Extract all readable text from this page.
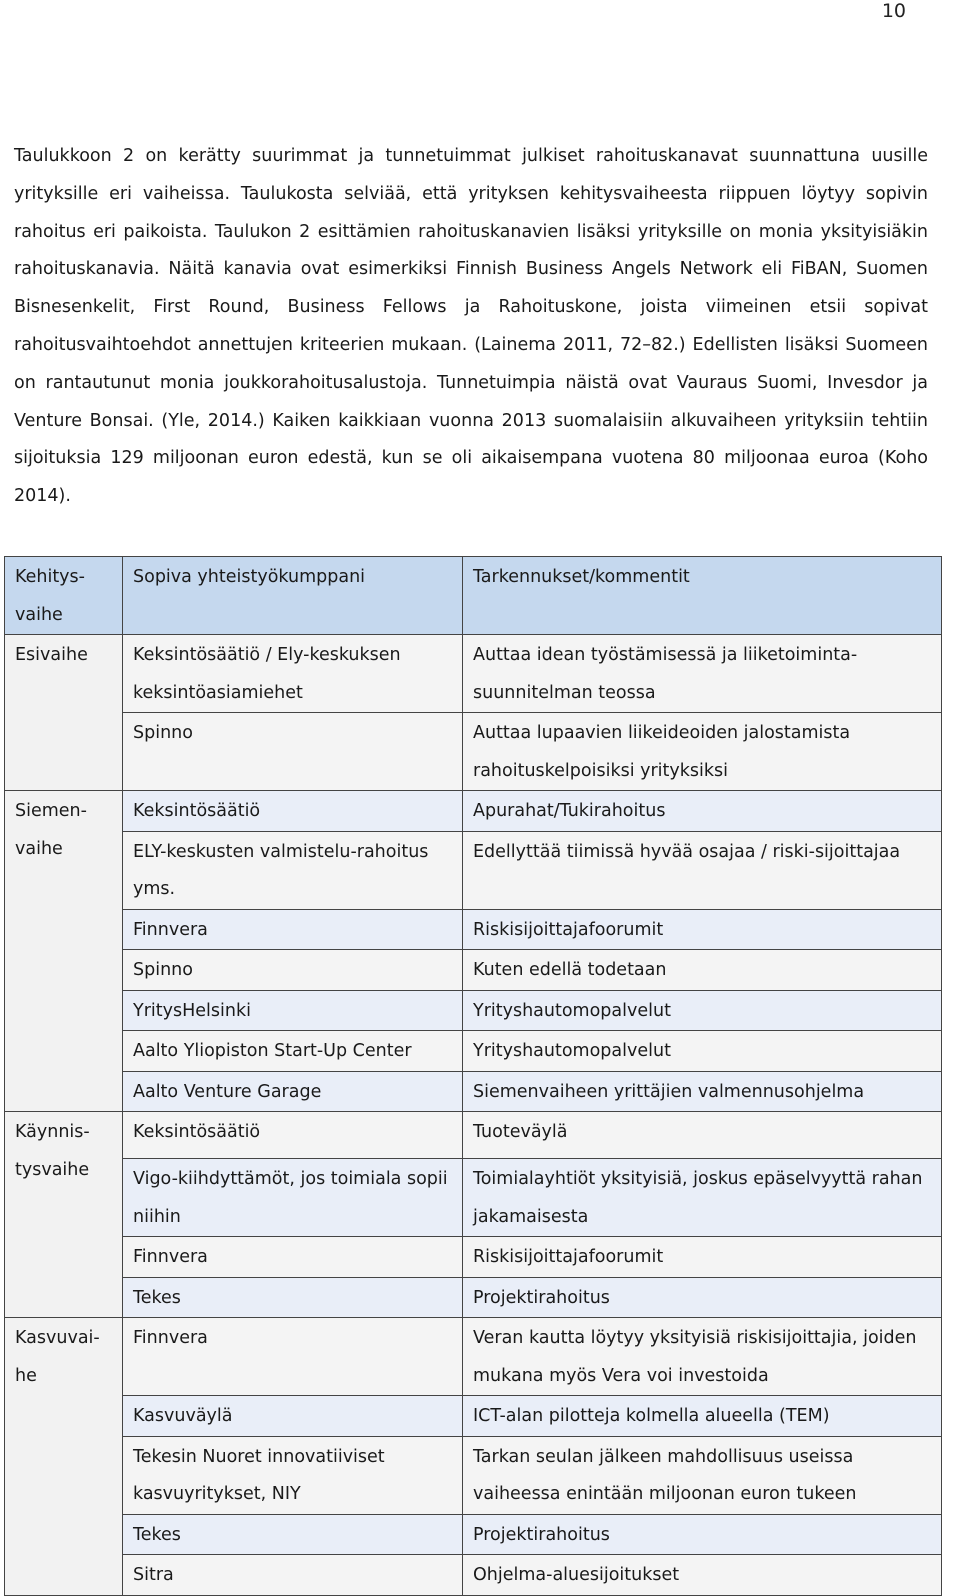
10

Taulukkoon 2 on kerätty suurimmat ja tunnetuimmat julkiset rahoituskanavat suunnattuna uusille yrityksille eri vaiheissa. Taulukosta selviää, että yrityksen kehitysvaiheesta riippuen löytyy sopivin rahoitus eri paikoista. Taulukon 2 esittämien rahoituskanavien lisäksi yrityksille on monia yksityisiäkin rahoituskanavia. Näitä kanavia ovat esimerkiksi Finnish Business Angels Network eli FiBAN, Suomen Bisnesenkelit, First Round, Business Fellows ja Rahoituskone, joista viimeinen etsii sopivat rahoitusvaihtoehdot annettujen kriteerien mukaan. (Lainema 2011, 72–82.) Edellisten lisäksi Suomeen on rantautunut monia joukkorahoitusalustoja. Tunnetuimpia näistä ovat Vauraus Suomi, Invesdor ja Venture Bonsai. (Yle, 2014.) Kaiken kaikkiaan vuonna 2013 suomalaisiin alkuvaiheen yrityksiin tehtiin sijoituksia 129 miljoonan euron edestä, kun se oli aikaisempana vuotena 80 miljoonaa euroa (Koho 2014).

Kehitys-vaihe	Sopiva yhteistyökumppani	Tarkennukset/kommentit
Esivaihe	Keksintösäätiö / Ely-keskuksen keksintöasiamiehet	Auttaa idean työstämisessä ja liiketoiminta-suunnitelman teossa
	Spinno	Auttaa lupaavien liikeideoiden jalostamista rahoituskelpoisiksi yrityksiksi
Siemen-vaihe	Keksintösäätiö	Apurahat/Tukirahoitus
	ELY-keskusten valmistelu-rahoitus yms.	Edellyttää tiimissä hyvää osajaa / riski-sijoittajaa
	Finnvera	Riskisijoittajafoorumit
	Spinno	Kuten edellä todetaan
	YritysHelsinki	Yrityshautomopalvelut
	Aalto Yliopiston Start-Up Center	Yrityshautomopalvelut
	Aalto Venture Garage	Siemenvaiheen yrittäjien valmennusohjelma
Käynnis-tysvaihe	Keksintösäätiö	Tuoteväylä
	Vigo-kiihdyttämöt, jos toimiala sopii niihin	Toimialayhtiöt yksityisiä, joskus epäselvyyttä rahan jakamaisesta
	Finnvera	Riskisijoittajafoorumit
	Tekes	Projektirahoitus
Kasvuvai-he	Finnvera	Veran kautta löytyy yksityisiä riskisijoittajia, joiden mukana myös Vera voi investoida
	Kasvuväylä	ICT-alan pilotteja kolmella alueella (TEM)
	Tekesin Nuoret innovatiiviset kasvuyritykset, NIY	Tarkan seulan jälkeen mahdollisuus useissa vaiheessa enintään miljoonan euron tukeen
	Tekes	Projektirahoitus
	Sitra	Ohjelma-aluesijoitukset
